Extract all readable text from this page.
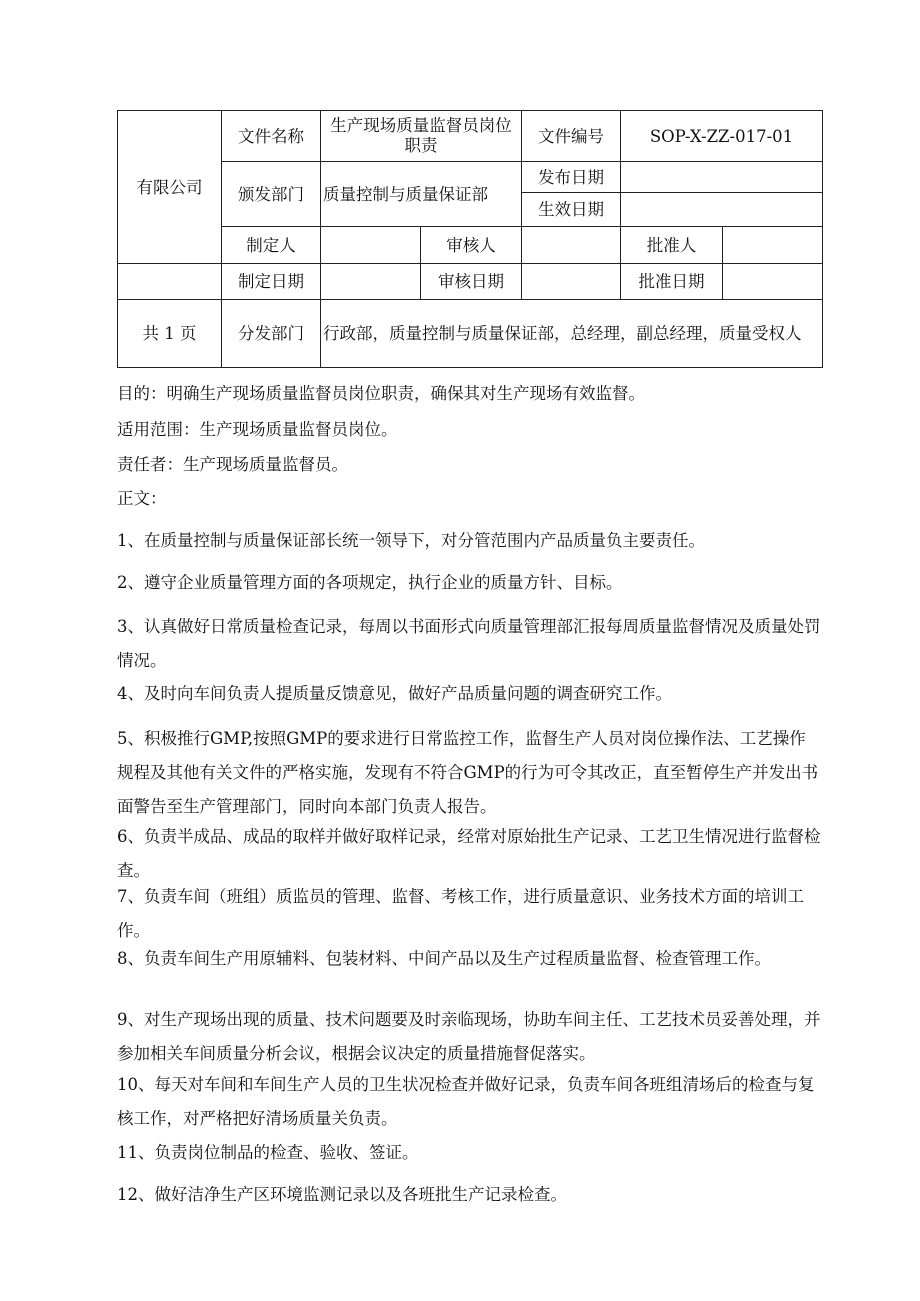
有限公司	文件名称	生产现场质量监督员岗位职责		文件编号	SOP-X-ZZ-017-01	
	颁发部门	质量控制与质量保证部		发布日期		
				生效日期		
	制定人		审核人		批准人	
	制定日期		审核日期		批准日期	
共 1 页	分发部门	行政部，质量控制与质量保证部，总经理，副总经理，质量受权人				
目的：明确生产现场质量监督员岗位职责，确保其对生产现场有效监督。
适用范围：生产现场质量监督员岗位。
责任者：生产现场质量监督员。
正文：
1、在质量控制与质量保证部长统一领导下，对分管范围内产品质量负主要责任。
2、遵守企业质量管理方面的各项规定，执行企业的质量方针、目标。
3、认真做好日常质量检查记录，每周以书面形式向质量管理部汇报每周质量监督情况及质量处罚情况。
4、及时向车间负责人提质量反馈意见，做好产品质量问题的调查研究工作。
5、积极推行GMP,按照GMP的要求进行日常监控工作，监督生产人员对岗位操作法、工艺操作规程及其他有关文件的严格实施，发现有不符合GMP的行为可令其改正，直至暂停生产并发出书面警告至生产管理部门，同时向本部门负责人报告。
6、负责半成品、成品的取样并做好取样记录，经常对原始批生产记录、工艺卫生情况进行监督检查。
7、负责车间（班组）质监员的管理、监督、考核工作，进行质量意识、业务技术方面的培训工作。
8、负责车间生产用原辅料、包装材料、中间产品以及生产过程质量监督、检查管理工作。
9、对生产现场出现的质量、技术问题要及时亲临现场，协助车间主任、工艺技术员妥善处理，并参加相关车间质量分析会议，根据会议决定的质量措施督促落实。
10、每天对车间和车间生产人员的卫生状况检查并做好记录，负责车间各班组清场后的检查与复核工作，对严格把好清场质量关负责。
11、负责岗位制品的检查、验收、签证。
12、做好洁净生产区环境监测记录以及各班批生产记录检查。
